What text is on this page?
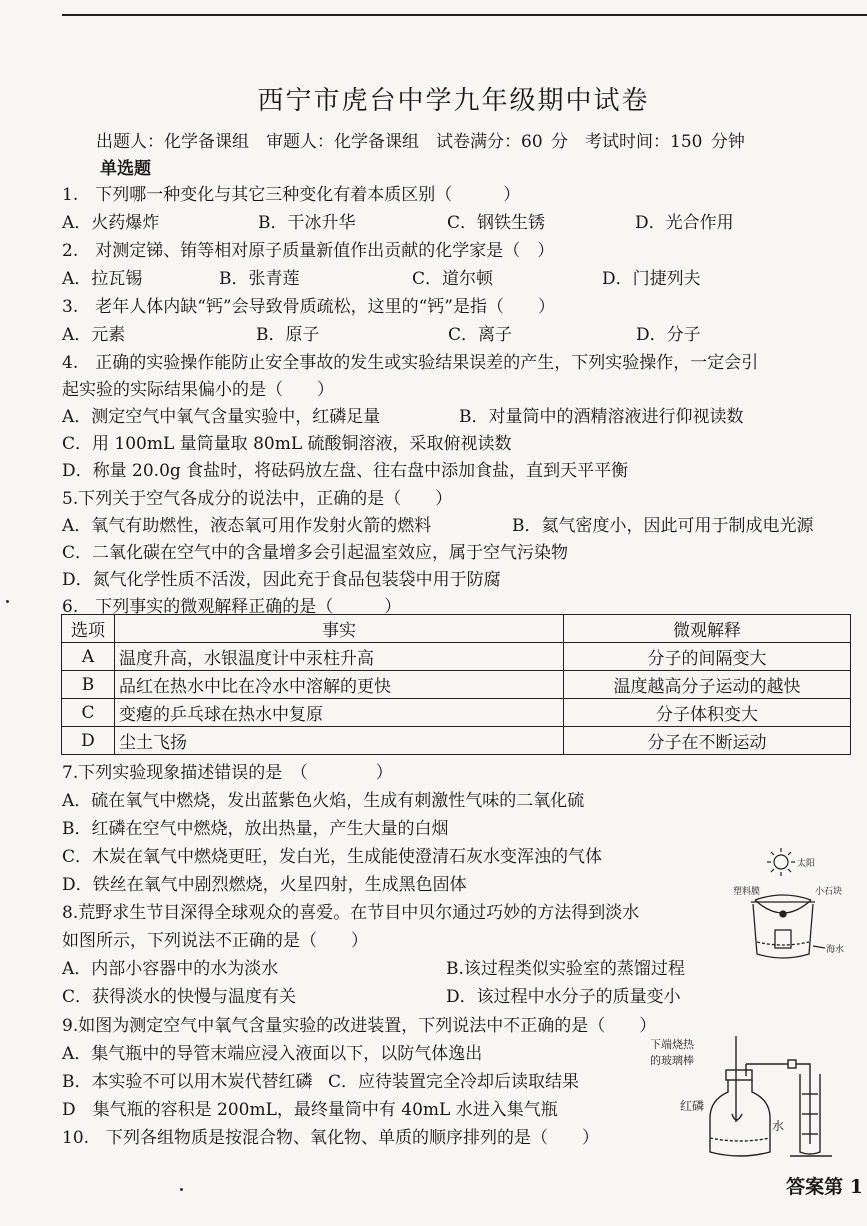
西宁市虎台中学九年级期中试卷
出题人：化学备课组　审题人：化学备课组　试卷满分：60 分　考试时间：150 分钟
单选题
1.　下列哪一种变化与其它三种变化有着本质区别（　　　）
A．火药爆炸	B．干冰升华	C．钢铁生锈	D．光合作用
2.　对测定锑、铕等相对原子质量新值作出贡献的化学家是（　）
A．拉瓦锡	B．张青莲	C．道尔顿	D．门捷列夫
3.　老年人体内缺“钙”会导致骨质疏松，这里的“钙”是指（　　）
A．元素	B．原子	C．离子	D．分子
4.　正确的实验操作能防止安全事故的发生或实验结果误差的产生，下列实验操作，一定会引
起实验的实际结果偏小的是（　　）
A．测定空气中氧气含量实验中，红磷足量	B．对量筒中的酒精溶液进行仰视读数
C．用 100mL 量筒量取 80mL 硫酸铜溶液，采取俯视读数
D．称量 20.0g 食盐时，将砝码放左盘、往右盘中添加食盐，直到天平平衡
5.下列关于空气各成分的说法中，正确的是（　　）
A．氧气有助燃性，液态氧可用作发射火箭的燃料	B．氦气密度小，因此可用于制成电光源
C．二氧化碳在空气中的含量增多会引起温室效应，属于空气污染物
D．氮气化学性质不活泼，因此充于食品包装袋中用于防腐
6.　下列事实的微观解释正确的是（　　　）
选项	事实	微观解释
A	温度升高，水银温度计中汞柱升高	分子的间隔变大
B	品红在热水中比在冷水中溶解的更快	温度越高分子运动的越快
C	变瘪的乒乓球在热水中复原	分子体积变大
D	尘土飞扬	分子在不断运动
7.下列实验现象描述错误的是　（　　　　）
A．硫在氧气中燃烧，发出蓝紫色火焰，生成有刺激性气味的二氧化硫
B．红磷在空气中燃烧，放出热量，产生大量的白烟
C．木炭在氧气中燃烧更旺，发白光，生成能使澄清石灰水变浑浊的气体
D．铁丝在氧气中剧烈燃烧，火星四射，生成黑色固体
8.荒野求生节目深得全球观众的喜爱。在节目中贝尔通过巧妙的方法得到淡水
如图所示，下列说法不正确的是（　　）
A．内部小容器中的水为淡水	B.该过程类似实验室的蒸馏过程
C．获得淡水的快慢与温度有关	D．该过程中水分子的质量变小
太阳
塑料膜	小石块
海水
9.如图为测定空气中氧气含量实验的改进装置，下列说法中不正确的是（　　）
A．集气瓶中的导管末端应浸入液面以下，以防气体逸出
B．本实验不可以用木炭代替红磷 C．应待装置完全冷却后读取结果
D　集气瓶的容积是 200mL，最终量筒中有 40mL 水进入集气瓶
下端烧热
的玻璃棒
红磷
水
10.　下列各组物质是按混合物、氧化物、单质的顺序排列的是（　　）
答案第 1
